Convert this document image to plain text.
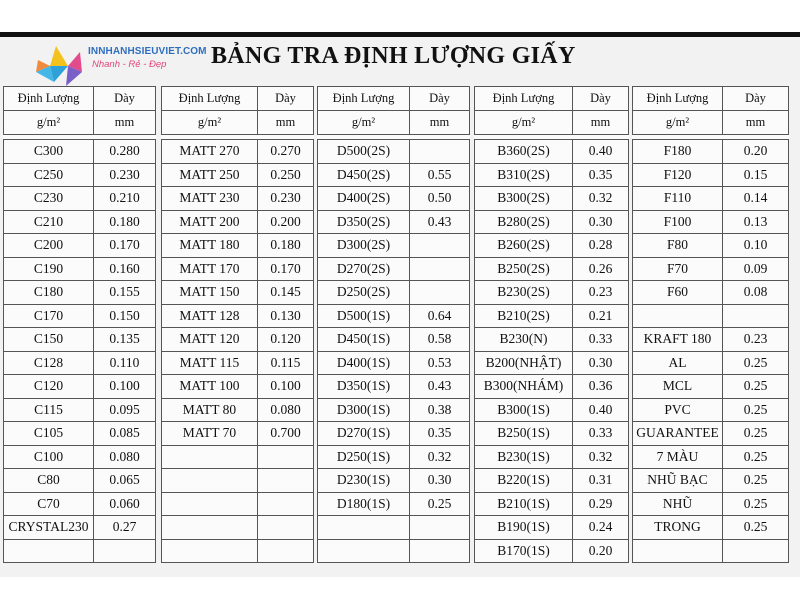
INNHANHSIEUVIET.COM
Nhanh - Rẻ - Đẹp	BẢNG TRA ĐỊNH LƯỢNG GIẤY
Định Lượng	Dày
g/m²	mm

C300	0.280
C250	0.230
C230	0.210
C210	0.180
C200	0.170
C190	0.160
C180	0.155
C170	0.150
C150	0.135
C128	0.110
C120	0.100
C115	0.095
C105	0.085
C100	0.080
C80	0.065
C70	0.060
CRYSTAL230	0.27

Định Lượng	Dày
g/m²	mm

MATT 270	0.270
MATT 250	0.250
MATT 230	0.230
MATT 200	0.200
MATT 180	0.180
MATT 170	0.170
MATT 150	0.145
MATT 128	0.130
MATT 120	0.120
MATT 115	0.115
MATT 100	0.100
MATT 80	0.080
MATT 70	0.700

Định Lượng	Dày
g/m²	mm

D500(2S)	
D450(2S)	0.55
D400(2S)	0.50
D350(2S)	0.43
D300(2S)	
D270(2S)	
D250(2S)	
D500(1S)	0.64
D450(1S)	0.58
D400(1S)	0.53
D350(1S)	0.43
D300(1S)	0.38
D270(1S)	0.35
D250(1S)	0.32
D230(1S)	0.30
D180(1S)	0.25

Định Lượng	Dày
g/m²	mm

B360(2S)	0.40
B310(2S)	0.35
B300(2S)	0.32
B280(2S)	0.30
B260(2S)	0.28
B250(2S)	0.26
B230(2S)	0.23
B210(2S)	0.21
B230(N)	0.33
B200(NHẬT)	0.30
B300(NHÁM)	0.36
B300(1S)	0.40
B250(1S)	0.33
B230(1S)	0.32
B220(1S)	0.31
B210(1S)	0.29
B190(1S)	0.24
B170(1S)	0.20
Định Lượng	Dày
g/m²	mm

F180	0.20
F120	0.15
F110	0.14
F100	0.13
F80	0.10
F70	0.09
F60	0.08

KRAFT 180	0.23
AL	0.25
MCL	0.25
PVC	0.25
GUARANTEE	0.25
7 MÀU	0.25
NHŨ BẠC	0.25
NHŨ	0.25
TRONG	0.25
